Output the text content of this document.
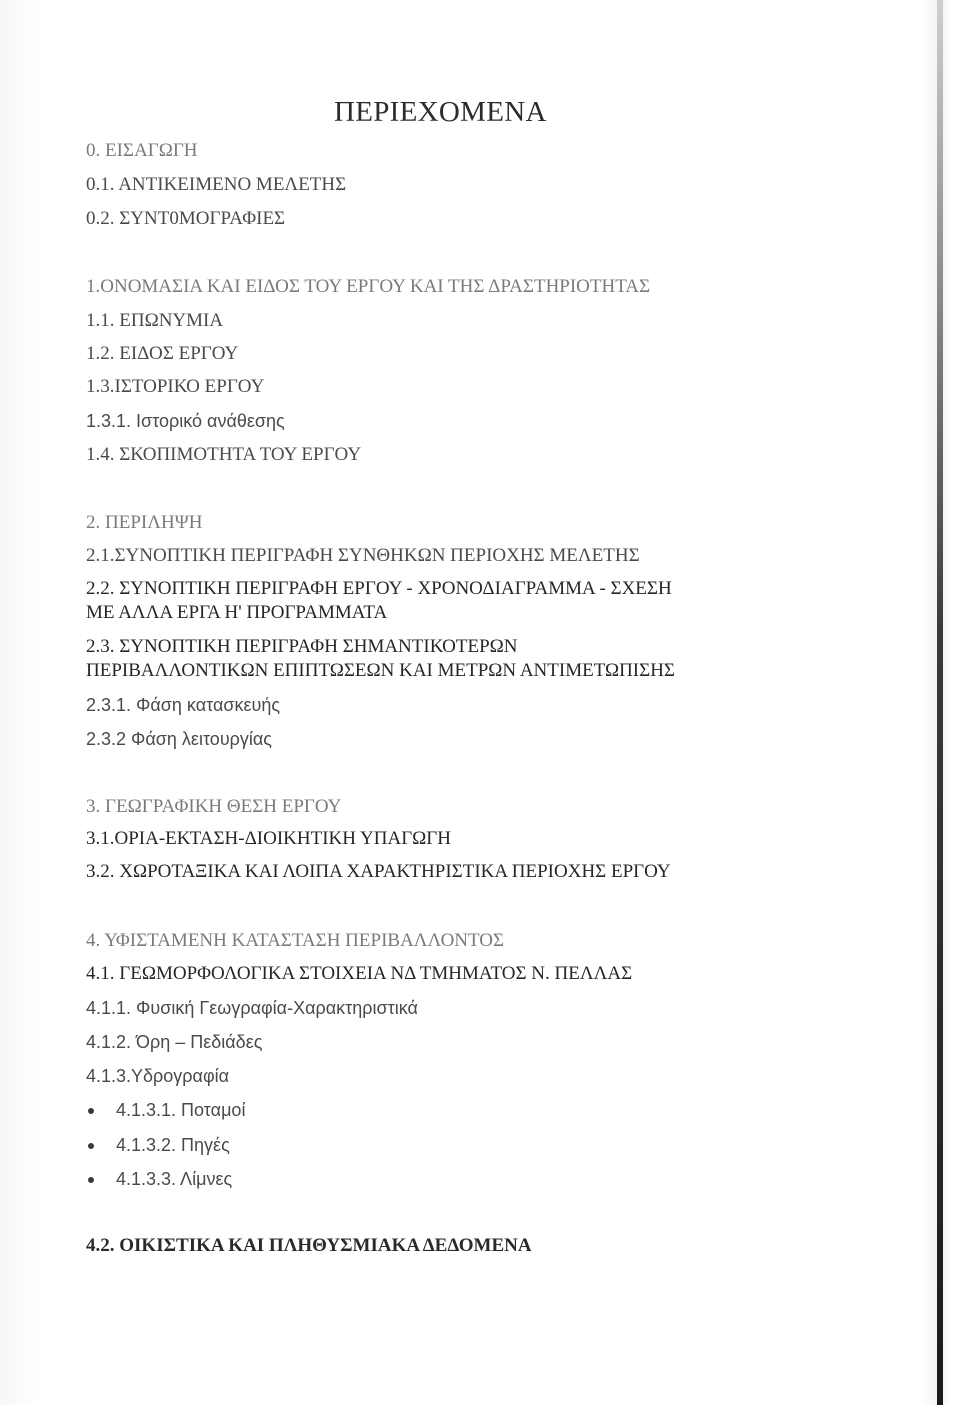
ΠΕΡΙΕΧΟΜΕΝΑ
0. ΕΙΣΑΓΩΓΗ
0.1. ΑΝΤΙΚΕΙΜΕΝΟ ΜΕΛΕΤΗΣ
0.2. ΣΥΝΤ0ΜΟΓΡΑΦΙΕΣ
1.ΟΝΟΜΑΣΙΑ ΚΑΙ ΕΙΔΟΣ ΤΟΥ ΕΡΓΟΥ ΚΑΙ ΤΗΣ ΔΡΑΣΤΗΡΙΟΤΗΤΑΣ
1.1. ΕΠΩΝΥΜΙΑ
1.2. ΕΙΔΟΣ ΕΡΓΟΥ
1.3.ΙΣΤΟΡΙΚΟ ΕΡΓΟΥ
1.3.1. Ιστορικό ανάθεσης
1.4. ΣΚΟΠΙΜΟΤΗΤΑ ΤΟΥ ΕΡΓΟΥ
2. ΠΕΡΙΛΗΨΗ
2.1.ΣΥΝΟΠΤΙΚΗ ΠΕΡΙΓΡΑΦΗ ΣΥΝΘΗΚΩΝ ΠΕΡΙΟΧΗΣ ΜΕΛΕΤΗΣ
2.2. ΣΥΝΟΠΤΙΚΗ ΠΕΡΙΓΡΑΦΗ ΕΡΓΟΥ - ΧΡΟΝΟΔΙΑΓΡΑΜΜΑ - ΣΧΕΣΗ
ΜΕ ΑΛΛΑ ΕΡΓΑ Η' ΠΡΟΓΡΑΜΜΑΤΑ
2.3. ΣΥΝΟΠΤΙΚΗ ΠΕΡΙΓΡΑΦΗ ΣΗΜΑΝΤΙΚΟΤΕΡΩΝ
ΠΕΡΙΒΑΛΛΟΝΤΙΚΩΝ ΕΠΙΠΤΩΣΕΩΝ ΚΑΙ ΜΕΤΡΩΝ ΑΝΤΙΜΕΤΩΠΙΣΗΣ
2.3.1. Φάση κατασκευής
2.3.2 Φάση λειτουργίας
3. ΓΕΩΓΡΑΦΙΚΗ ΘΕΣΗ ΕΡΓΟΥ
3.1.ΟΡΙΑ-ΕΚΤΑΣΗ-ΔΙΟΙΚΗΤΙΚΗ ΥΠΑΓΩΓΗ
3.2. ΧΩΡΟΤΑΞΙΚΑ ΚΑΙ ΛΟΙΠΑ ΧΑΡΑΚΤΗΡΙΣΤΙΚΑ ΠΕΡΙΟΧΗΣ ΕΡΓΟΥ
4. ΥΦΙΣΤΑΜΕΝΗ ΚΑΤΑΣΤΑΣΗ ΠΕΡΙΒΑΛΛΟΝΤΟΣ
4.1. ΓΕΩΜΟΡΦΟΛΟΓΙΚΑ ΣΤΟΙΧΕΙΑ ΝΔ ΤΜΗΜΑΤΟΣ Ν. ΠΕΛΛΑΣ
4.1.1. Φυσική Γεωγραφία-Χαρακτηριστικά
4.1.2. Όρη – Πεδιάδες
4.1.3.Υδρογραφία
4.1.3.1. Ποταμοί
4.1.3.2. Πηγές
4.1.3.3. Λίμνες
4.2. ΟΙΚΙΣΤΙΚΑ ΚΑΙ ΠΛΗΘΥΣΜΙΑΚΑ ΔΕΔΟΜΕΝΑ
